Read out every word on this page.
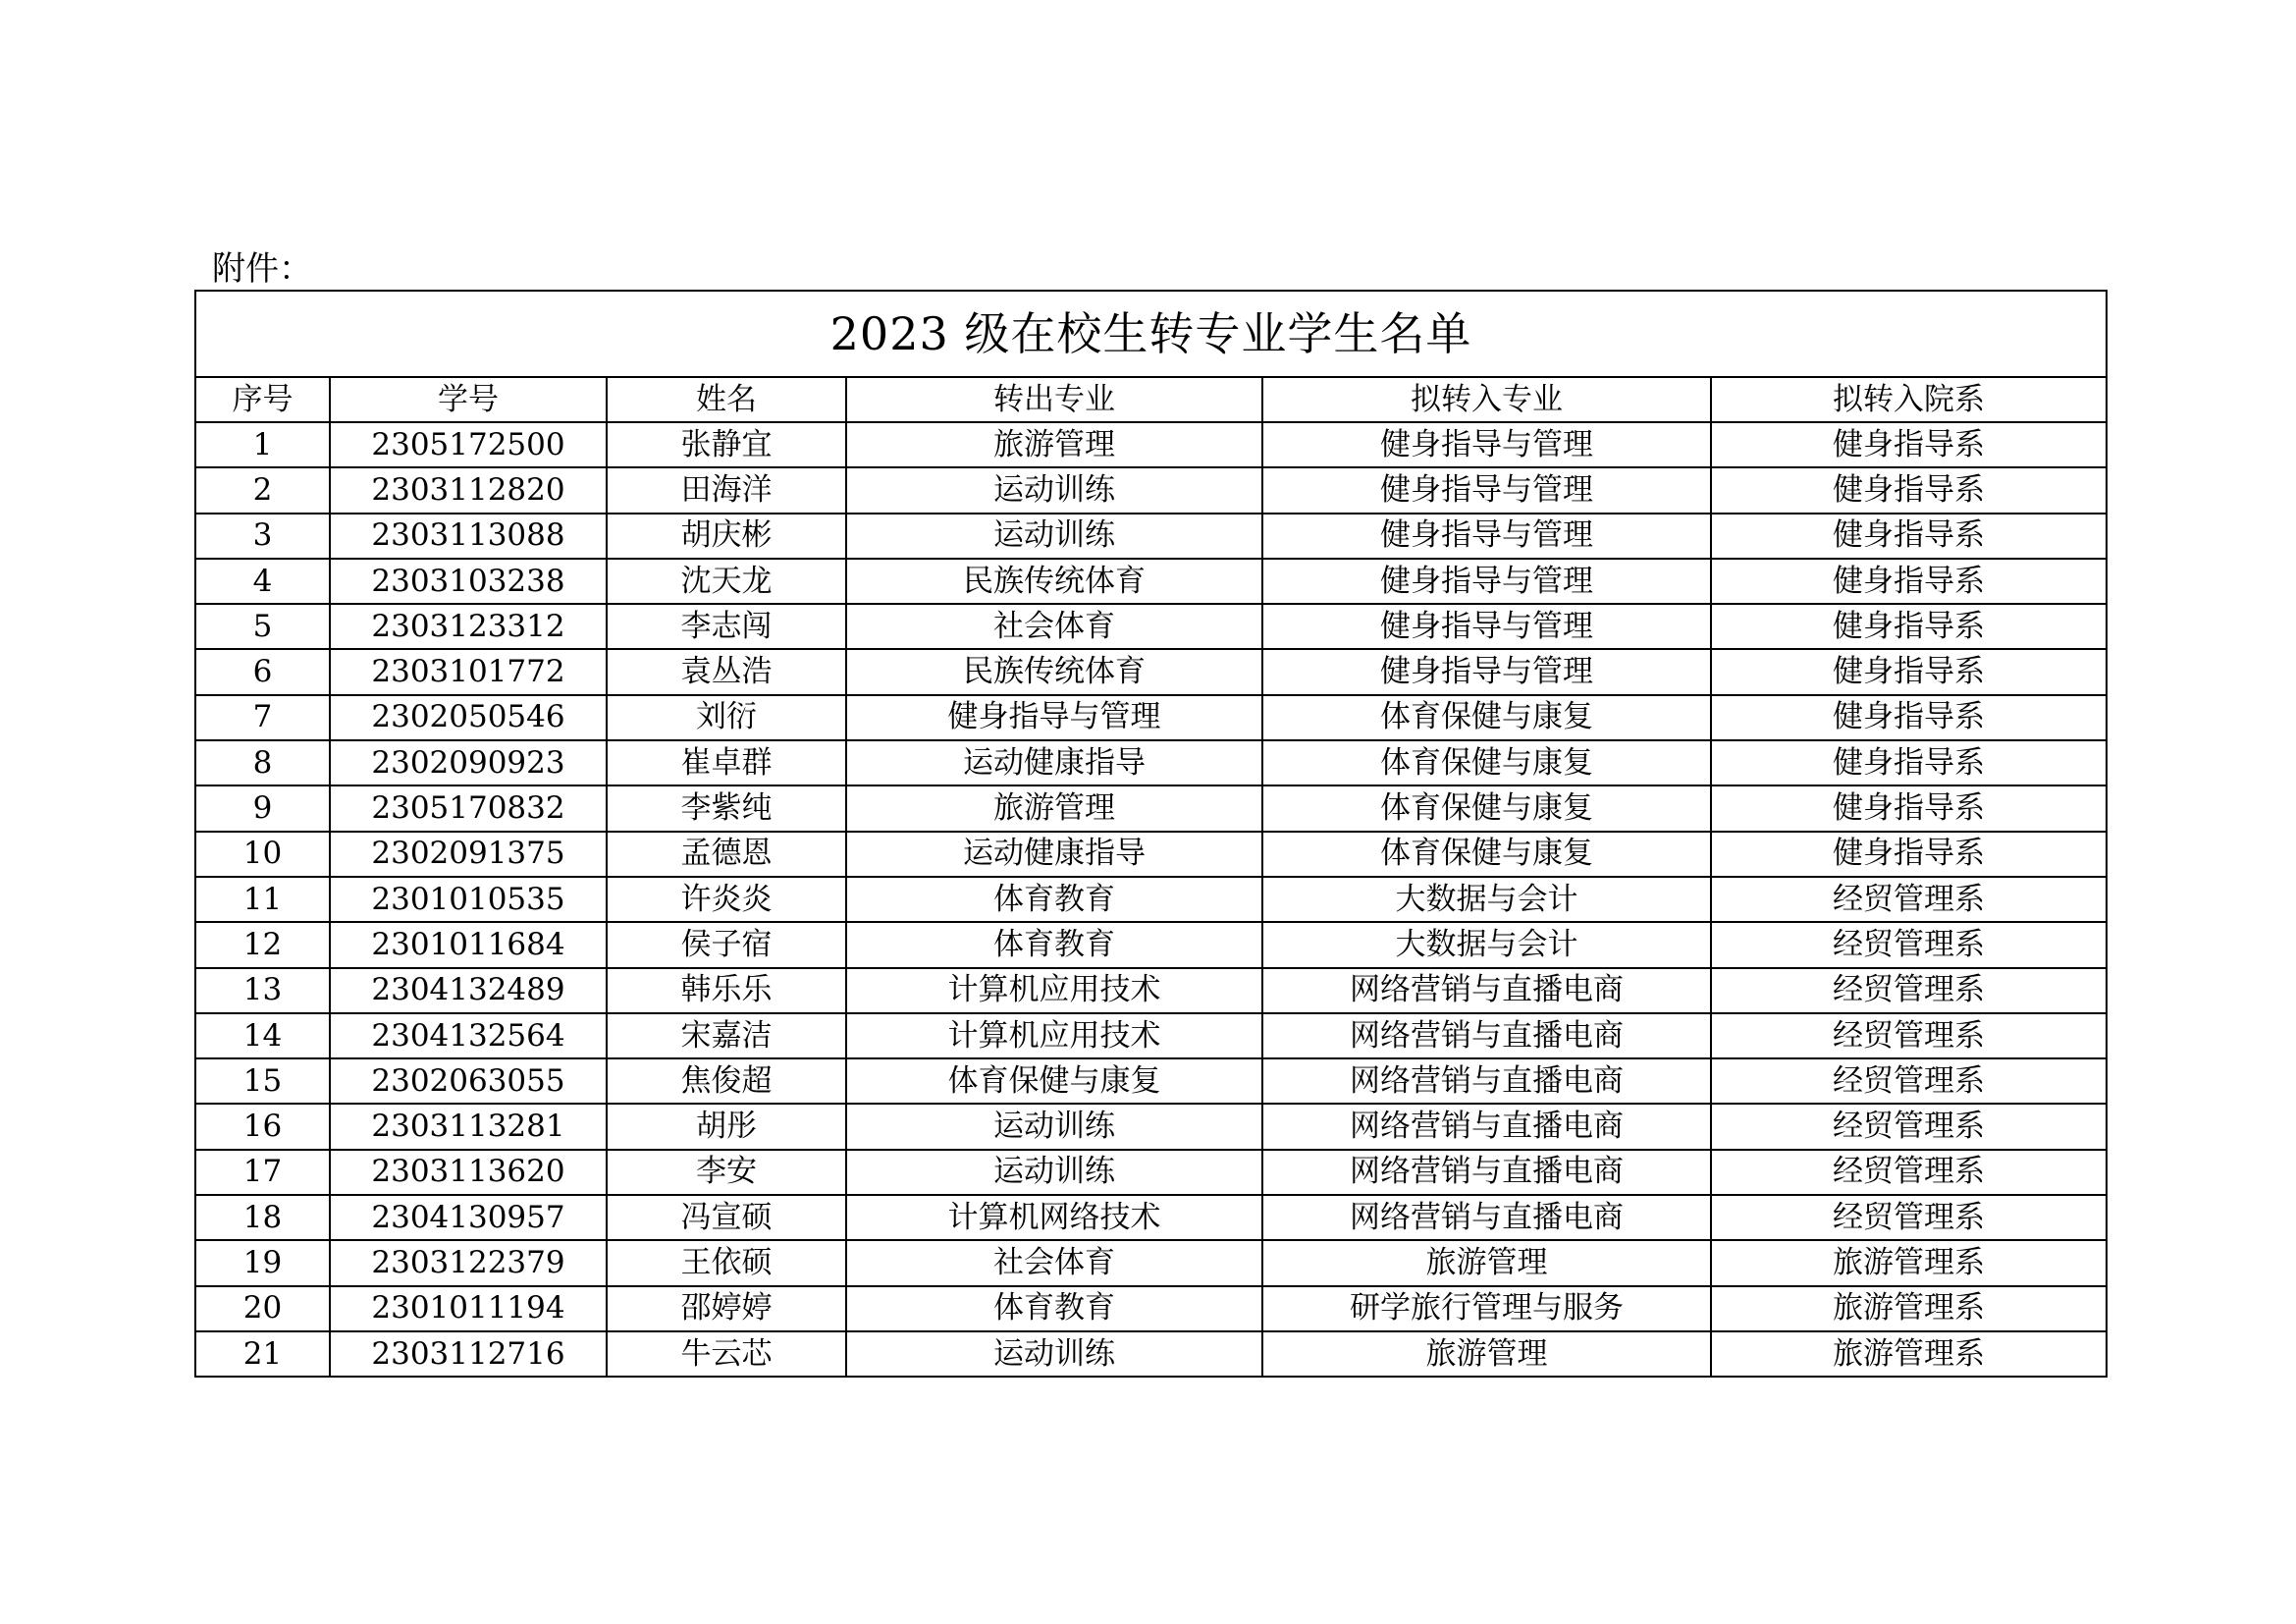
附件：
2023 级在校生转专业学生名单					
序号	学号	姓名	转出专业	拟转入专业	拟转入院系
1	2305172500	张静宜	旅游管理	健身指导与管理	健身指导系
2	2303112820	田海洋	运动训练	健身指导与管理	健身指导系
3	2303113088	胡庆彬	运动训练	健身指导与管理	健身指导系
4	2303103238	沈天龙	民族传统体育	健身指导与管理	健身指导系
5	2303123312	李志闯	社会体育	健身指导与管理	健身指导系
6	2303101772	袁丛浩	民族传统体育	健身指导与管理	健身指导系
7	2302050546	刘衍	健身指导与管理	体育保健与康复	健身指导系
8	2302090923	崔卓群	运动健康指导	体育保健与康复	健身指导系
9	2305170832	李紫纯	旅游管理	体育保健与康复	健身指导系
10	2302091375	孟德恩	运动健康指导	体育保健与康复	健身指导系
11	2301010535	许炎炎	体育教育	大数据与会计	经贸管理系
12	2301011684	侯子宿	体育教育	大数据与会计	经贸管理系
13	2304132489	韩乐乐	计算机应用技术	网络营销与直播电商	经贸管理系
14	2304132564	宋嘉洁	计算机应用技术	网络营销与直播电商	经贸管理系
15	2302063055	焦俊超	体育保健与康复	网络营销与直播电商	经贸管理系
16	2303113281	胡彤	运动训练	网络营销与直播电商	经贸管理系
17	2303113620	李安	运动训练	网络营销与直播电商	经贸管理系
18	2304130957	冯宣硕	计算机网络技术	网络营销与直播电商	经贸管理系
19	2303122379	王依硕	社会体育	旅游管理	旅游管理系
20	2301011194	邵婷婷	体育教育	研学旅行管理与服务	旅游管理系
21	2303112716	牛云芯	运动训练	旅游管理	旅游管理系
